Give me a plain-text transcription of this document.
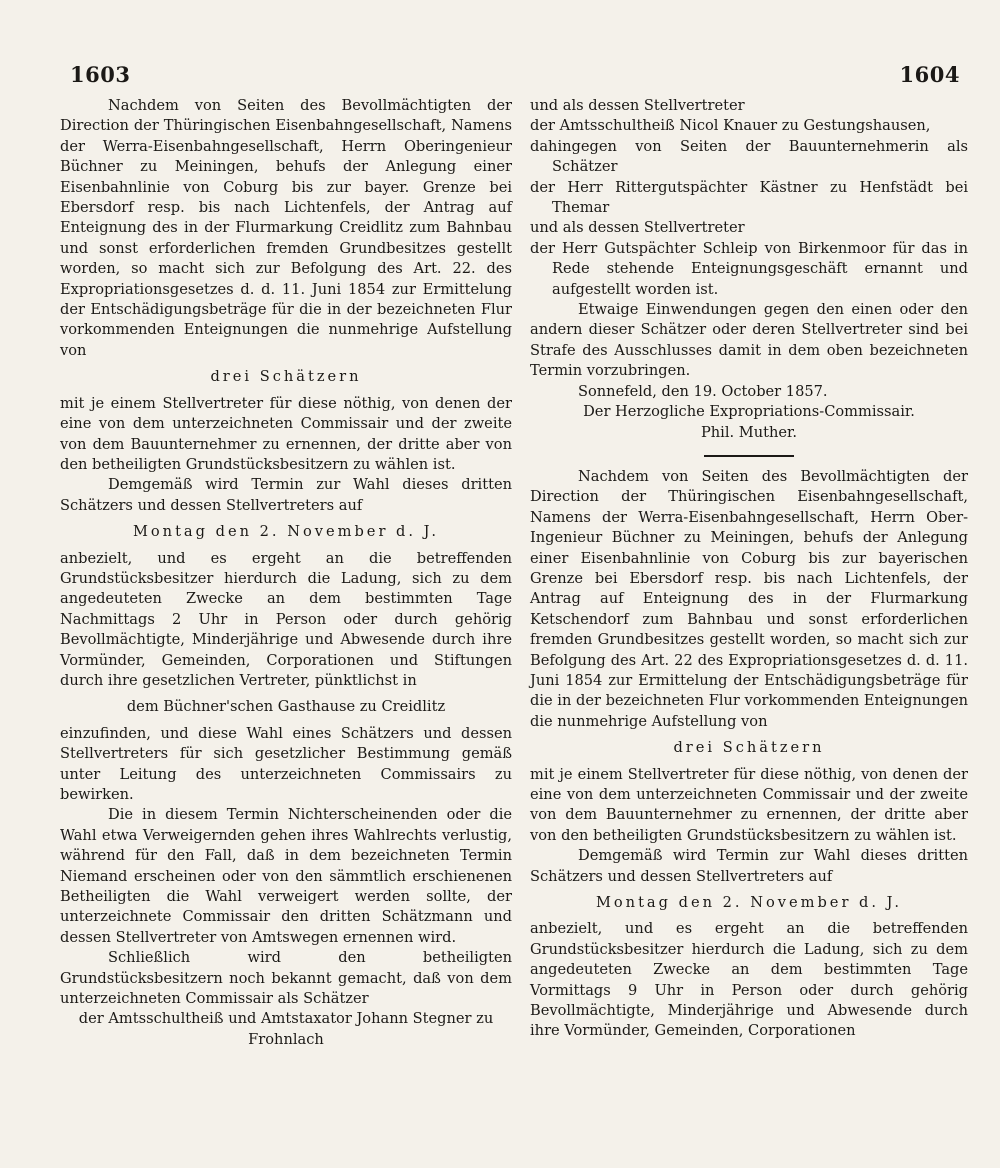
1603	1604

Nachdem von Seiten des Bevollmächtigten der Direction der Thüringischen Eisenbahngesellschaft, Namens der Werra-Eisenbahngesellschaft, Herrn Oberingenieur Büchner zu Meiningen, behufs der Anlegung einer Eisenbahnlinie von Coburg bis zur bayer. Grenze bei Ebersdorf resp. bis nach Lichtenfels, der Antrag auf Enteignung des in der Flurmarkung Creidlitz zum Bahnbau und sonst erforderlichen fremden Grundbesitzes gestellt worden, so macht sich zur Befolgung des Art. 22. des Expropriationsgesetzes d. d. 11. Juni 1854 zur Ermittelung der Entschädigungsbeträge für die in der bezeichneten Flur vorkommenden Enteignungen die nunmehrige Aufstellung von

drei Schätzern

mit je einem Stellvertreter für diese nöthig, von denen der eine von dem unterzeichneten Commissair und der zweite von dem Bauunternehmer zu ernennen, der dritte aber von den betheiligten Grundstücksbesitzern zu wählen ist.

Demgemäß wird Termin zur Wahl dieses dritten Schätzers und dessen Stellvertreters auf

Montag den 2. November d. J.

anbezielt, und es ergeht an die betreffenden Grundstücksbesitzer hierdurch die Ladung, sich zu dem angedeuteten Zwecke an dem bestimmten Tage Nachmittags 2 Uhr in Person oder durch gehörig Bevollmächtigte, Minderjährige und Abwesende durch ihre Vormünder, Gemeinden, Corporationen und Stiftungen durch ihre gesetzlichen Vertreter, pünktlichst in

dem Büchner'schen Gasthause zu Creidlitz

einzufinden, und diese Wahl eines Schätzers und dessen Stellvertreters für sich gesetzlicher Bestimmung gemäß unter Leitung des unterzeichneten Commissairs zu bewirken.

Die in diesem Termin Nichterscheinenden oder die Wahl etwa Verweigernden gehen ihres Wahlrechts verlustig, während für den Fall, daß in dem bezeichneten Termin Niemand erscheinen oder von den sämmtlich erschienenen Betheiligten die Wahl verweigert werden sollte, der unterzeichnete Commissair den dritten Schätzmann und dessen Stellvertreter von Amtswegen ernennen wird.

Schließlich wird den betheiligten Grundstücksbesitzern noch bekannt gemacht, daß von dem unterzeichneten Commissair als Schätzer

der Amtsschultheiß und Amtstaxator Johann Stegner zu Frohnlach

und als dessen Stellvertreter

der Amtsschultheiß Nicol Knauer zu Gestungshausen,

dahingegen von Seiten der Bauunternehmerin als Schätzer

der Herr Rittergutspächter Kästner zu Henfstädt bei Themar

und als dessen Stellvertreter

der Herr Gutspächter Schleip von Birkenmoor für das in Rede stehende Enteignungsgeschäft ernannt und aufgestellt worden ist.

Etwaige Einwendungen gegen den einen oder den andern dieser Schätzer oder deren Stellvertreter sind bei Strafe des Ausschlusses damit in dem oben bezeichneten Termin vorzubringen.

Sonnefeld, den 19. October 1857.

Der Herzogliche Expropriations-Commissair.

Phil. Muther.

Nachdem von Seiten des Bevollmächtigten der Direction der Thüringischen Eisenbahngesellschaft, Namens der Werra-Eisenbahngesellschaft, Herrn Ober-Ingenieur Büchner zu Meiningen, behufs der Anlegung einer Eisenbahnlinie von Coburg bis zur bayerischen Grenze bei Ebersdorf resp. bis nach Lichtenfels, der Antrag auf Enteignung des in der Flurmarkung Ketschendorf zum Bahnbau und sonst erforderlichen fremden Grundbesitzes gestellt worden, so macht sich zur Befolgung des Art. 22 des Expropriationsgesetzes d. d. 11. Juni 1854 zur Ermittelung der Entschädigungsbeträge für die in der bezeichneten Flur vorkommenden Enteignungen die nunmehrige Aufstellung von

drei Schätzern

mit je einem Stellvertreter für diese nöthig, von denen der eine von dem unterzeichneten Commissair und der zweite von dem Bauunternehmer zu ernennen, der dritte aber von den betheiligten Grundstücksbesitzern zu wählen ist.

Demgemäß wird Termin zur Wahl dieses dritten Schätzers und dessen Stellvertreters auf

Montag den 2. November d. J.

anbezielt, und es ergeht an die betreffenden Grundstücksbesitzer hierdurch die Ladung, sich zu dem angedeuteten Zwecke an dem bestimmten Tage Vormittags 9 Uhr in Person oder durch gehörig Bevollmächtigte, Minderjährige und Abwesende durch ihre Vormünder, Gemeinden, Corporationen
